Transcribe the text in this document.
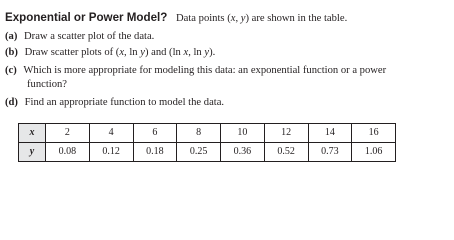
Exponential or Power Model? Data points (x, y) are shown in the table.
(a) Draw a scatter plot of the data.
(b) Draw scatter plots of (x, ln y) and (ln x, ln y).
(c) Which is more appropriate for modeling this data: an exponential function or a power
function?
(d) Find an appropriate function to model the data.
x	2	4	6	8	10	12	14	16
y	0.08	0.12	0.18	0.25	0.36	0.52	0.73	1.06
